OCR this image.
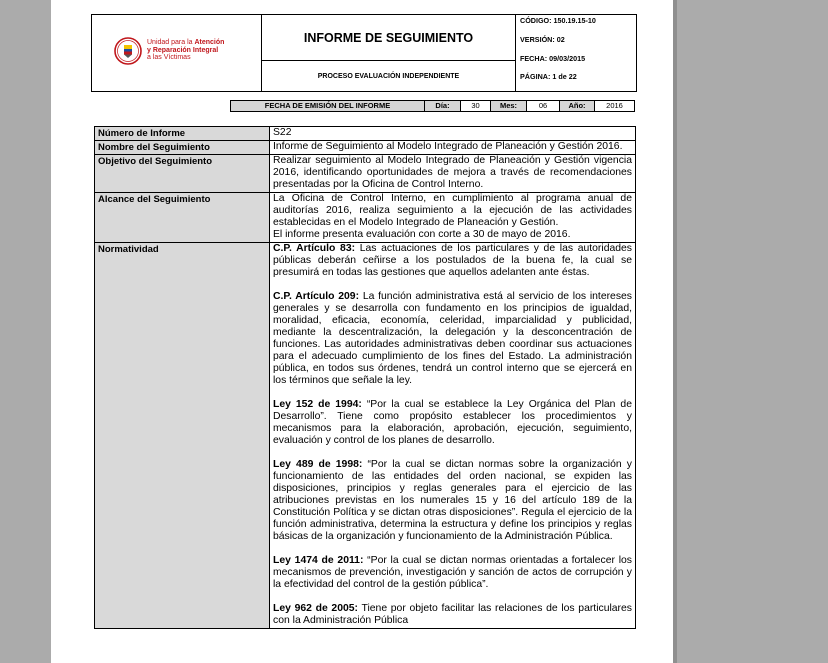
Unidad para la Atención
y Reparación Integral
a las Víctimas
INFORME DE SEGUIMIENTO
PROCESO EVALUACIÓN INDEPENDIENTE
CÓDIGO: 150.19.15-10
VERSIÓN: 02
FECHA: 09/03/2015
PÁGINA: 1 de 22
FECHA DE EMISIÓN DEL INFORME	Día:	30	Mes:	06	Año:	2016
Número de Informe	S22
Nombre del Seguimiento	Informe de Seguimiento al Modelo Integrado de Planeación y Gestión 2016.
Objetivo del Seguimiento	Realizar seguimiento al Modelo Integrado de Planeación y Gestión vigencia 2016, identificando oportunidades de mejora a través de recomendaciones presentadas por la Oficina de Control Interno.
Alcance del Seguimiento	La Oficina de Control Interno, en cumplimiento al programa anual de auditorías 2016, realiza seguimiento a la ejecución de las actividades establecidas en el Modelo Integrado de Planeación y Gestión.
El informe presenta evaluación con corte a 30 de mayo de 2016.
Normatividad	C.P. Artículo 83: Las actuaciones de los particulares y de las autoridades públicas deberán ceñirse a los postulados de la buena fe, la cual se presumirá en todas las gestiones que aquellos adelanten ante éstas.

C.P. Artículo 209: La función administrativa está al servicio de los intereses generales y se desarrolla con fundamento en los principios de igualdad, moralidad, eficacia, economía, celeridad, imparcialidad y publicidad, mediante la descentralización, la delegación y la desconcentración de funciones. Las autoridades administrativas deben coordinar sus actuaciones para el adecuado cumplimiento de los fines del Estado. La administración pública, en todos sus órdenes, tendrá un control interno que se ejercerá en los términos que señale la ley.

Ley 152 de 1994: “Por la cual se establece la Ley Orgánica del Plan de Desarrollo”. Tiene como propósito establecer los procedimientos y mecanismos para la elaboración, aprobación, ejecución, seguimiento, evaluación y control de los planes de desarrollo.

Ley 489 de 1998: “Por la cual se dictan normas sobre la organización y funcionamiento de las entidades del orden nacional, se expiden las disposiciones, principios y reglas generales para el ejercicio de las atribuciones previstas en los numerales 15 y 16 del artículo 189 de la Constitución Política y se dictan otras disposiciones”. Regula el ejercicio de la función administrativa, determina la estructura y define los principios y reglas básicas de la organización y funcionamiento de la Administración Pública.

Ley 1474 de 2011: “Por la cual se dictan normas orientadas a fortalecer los mecanismos de prevención, investigación y sanción de actos de corrupción y la efectividad del control de la gestión pública”.

Ley 962 de 2005: Tiene por objeto facilitar las relaciones de los particulares con la Administración Pública
